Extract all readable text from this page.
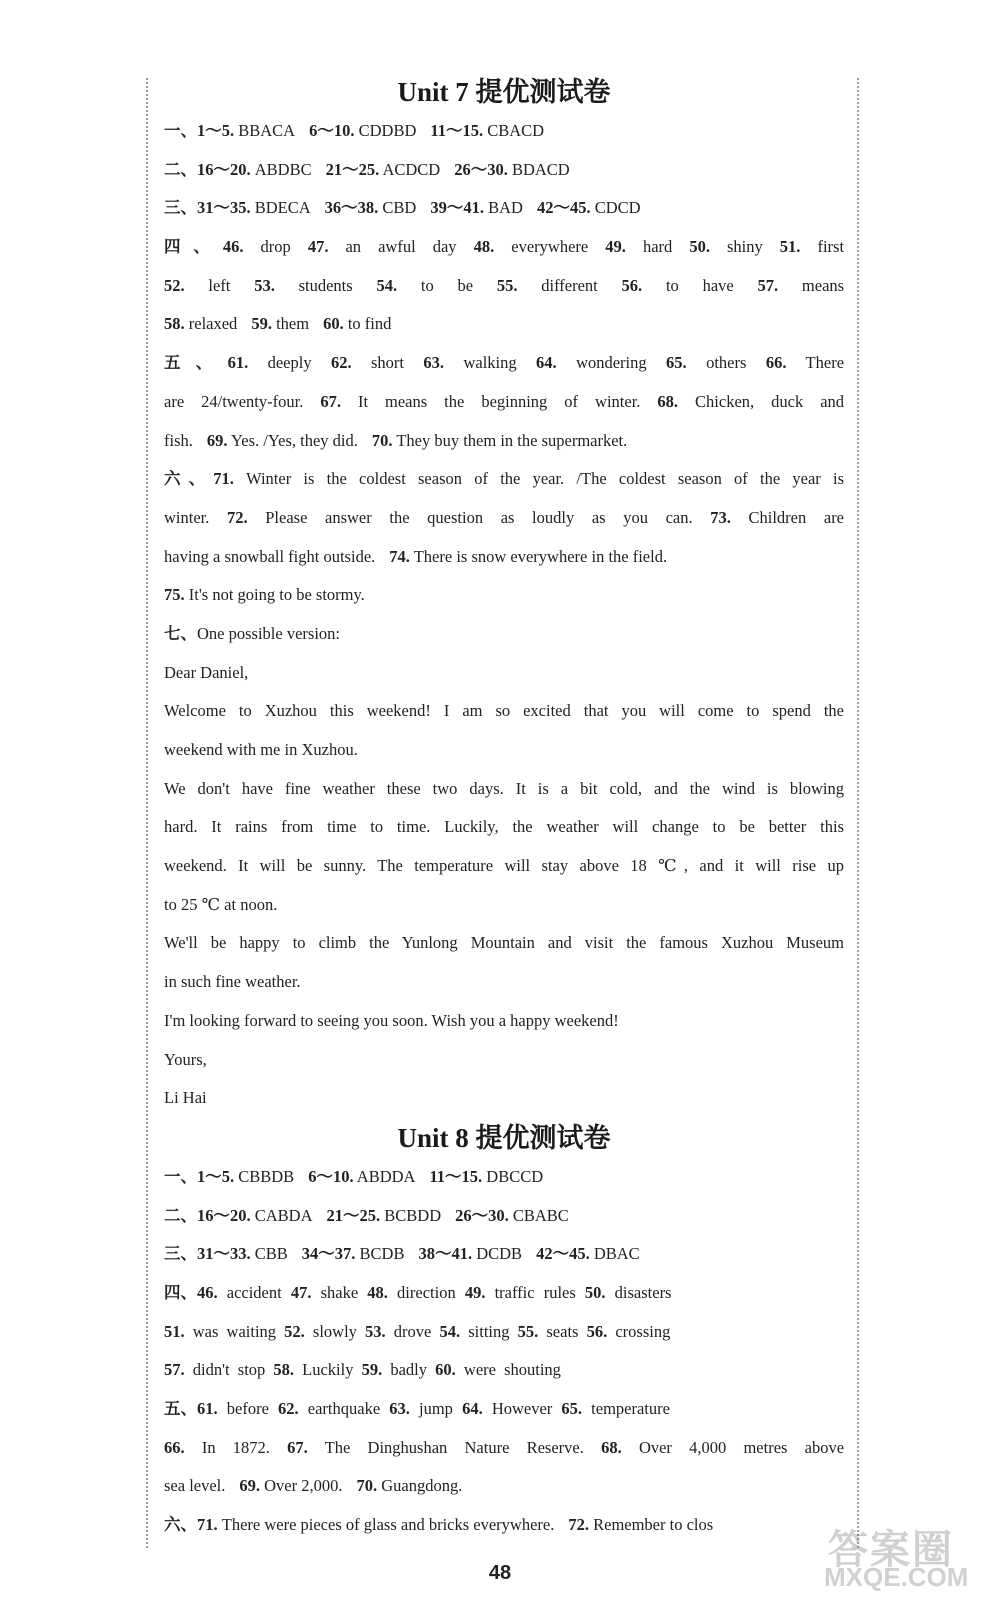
Unit 7 提优测试卷
一、1～5. BBACA 6～10. CDDBD 11～15. CBACD
二、16～20. ABDBC 21～25. ACDCD 26～30. BDACD
三、31～35. BDECA 36～38. CBD 39～41. BAD 42～45. CDCD
四、46. drop 47. an awful day 48. everywhere 49. hard 50. shiny 51. first
52. left 53. students 54. to be 55. different 56. to have 57. means
58. relaxed 59. them 60. to find
五、61. deeply 62. short 63. walking 64. wondering 65. others 66. There
are 24/twenty-four. 67. It means the beginning of winter. 68. Chicken, duck and
fish. 69. Yes. /Yes, they did. 70. They buy them in the supermarket.
六、71. Winter is the coldest season of the year. /The coldest season of the year is
winter. 72. Please answer the question as loudly as you can. 73. Children are
having a snowball fight outside. 74. There is snow everywhere in the field.
75. It's not going to be stormy.
七、One possible version:
Dear Daniel,
Welcome to Xuzhou this weekend! I am so excited that you will come to spend the
weekend with me in Xuzhou.
We don't have fine weather these two days. It is a bit cold, and the wind is blowing
hard. It rains from time to time. Luckily, the weather will change to be better this
weekend. It will be sunny. The temperature will stay above 18 ℃, and it will rise up
to 25 ℃ at noon.
We'll be happy to climb the Yunlong Mountain and visit the famous Xuzhou Museum
in such fine weather.
I'm looking forward to seeing you soon. Wish you a happy weekend!
Yours,
Li Hai
Unit 8 提优测试卷
一、1～5. CBBDB 6～10. ABDDA 11～15. DBCCD
二、16～20. CABDA 21～25. BCBDD 26～30. CBABC
三、31～33. CBB 34～37. BCDB 38～41. DCDB 42～45. DBAC
四、46. accident 47. shake 48. direction 49. traffic rules 50. disasters
51. was waiting 52. slowly 53. drove 54. sitting 55. seats 56. crossing
57. didn't stop 58. Luckily 59. badly 60. were shouting
五、61. before 62. earthquake 63. jump 64. However 65. temperature
66. In 1872. 67. The Dinghushan Nature Reserve. 68. Over 4,000 metres above
sea level. 69. Over 2,000. 70. Guangdong.
六、71. There were pieces of glass and bricks everywhere. 72. Remember to clos
48
答案圈
MXQE.COM
